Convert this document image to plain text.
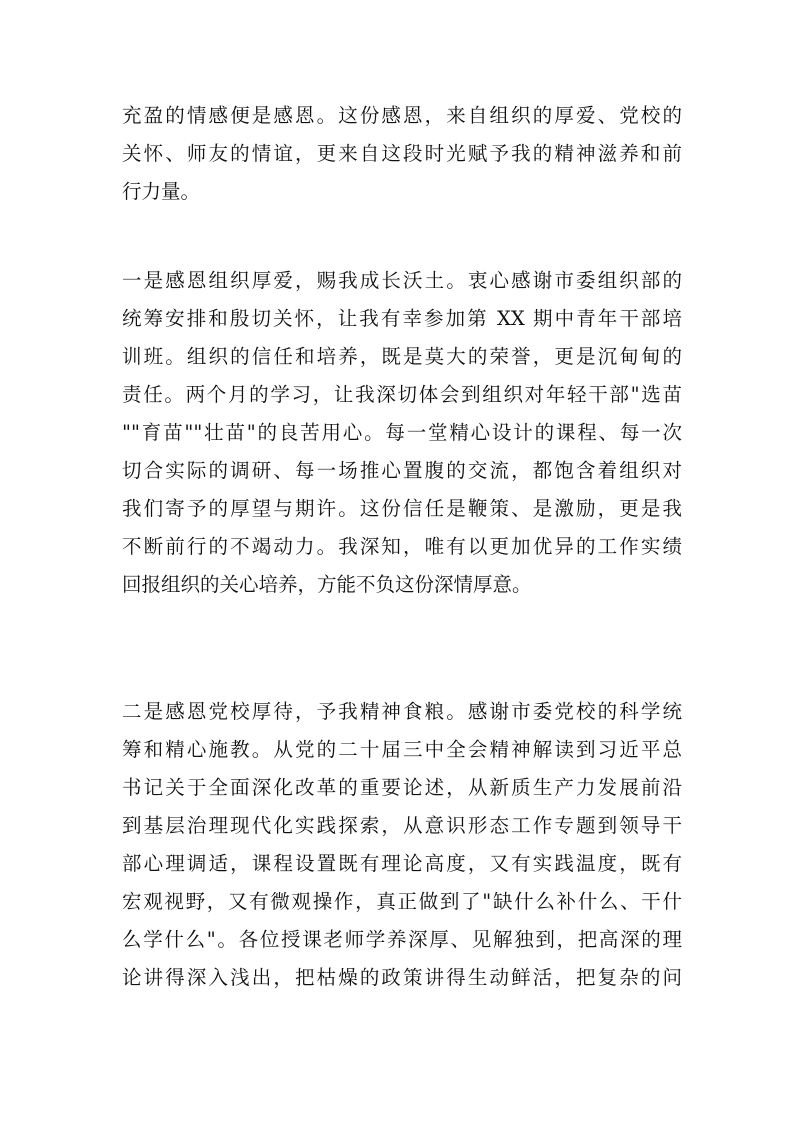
充盈的情感便是感恩。这份感恩，来自组织的厚爱、党校的
关怀、师友的情谊，更来自这段时光赋予我的精神滋养和前
行力量。
一是感恩组织厚爱，赐我成长沃土。衷心感谢市委组织部的
统筹安排和殷切关怀，让我有幸参加第 XX 期中青年干部培
训班。组织的信任和培养，既是莫大的荣誉，更是沉甸甸的
责任。两个月的学习，让我深切体会到组织对年轻干部"选苗
""育苗""壮苗"的良苦用心。每一堂精心设计的课程、每一次
切合实际的调研、每一场推心置腹的交流，都饱含着组织对
我们寄予的厚望与期许。这份信任是鞭策、是激励，更是我
不断前行的不竭动力。我深知，唯有以更加优异的工作实绩
回报组织的关心培养，方能不负这份深情厚意。
二是感恩党校厚待，予我精神食粮。感谢市委党校的科学统
筹和精心施教。从党的二十届三中全会精神解读到习近平总
书记关于全面深化改革的重要论述，从新质生产力发展前沿
到基层治理现代化实践探索，从意识形态工作专题到领导干
部心理调适，课程设置既有理论高度，又有实践温度，既有
宏观视野，又有微观操作，真正做到了"缺什么补什么、干什
么学什么"。各位授课老师学养深厚、见解独到，把高深的理
论讲得深入浅出，把枯燥的政策讲得生动鲜活，把复杂的问
